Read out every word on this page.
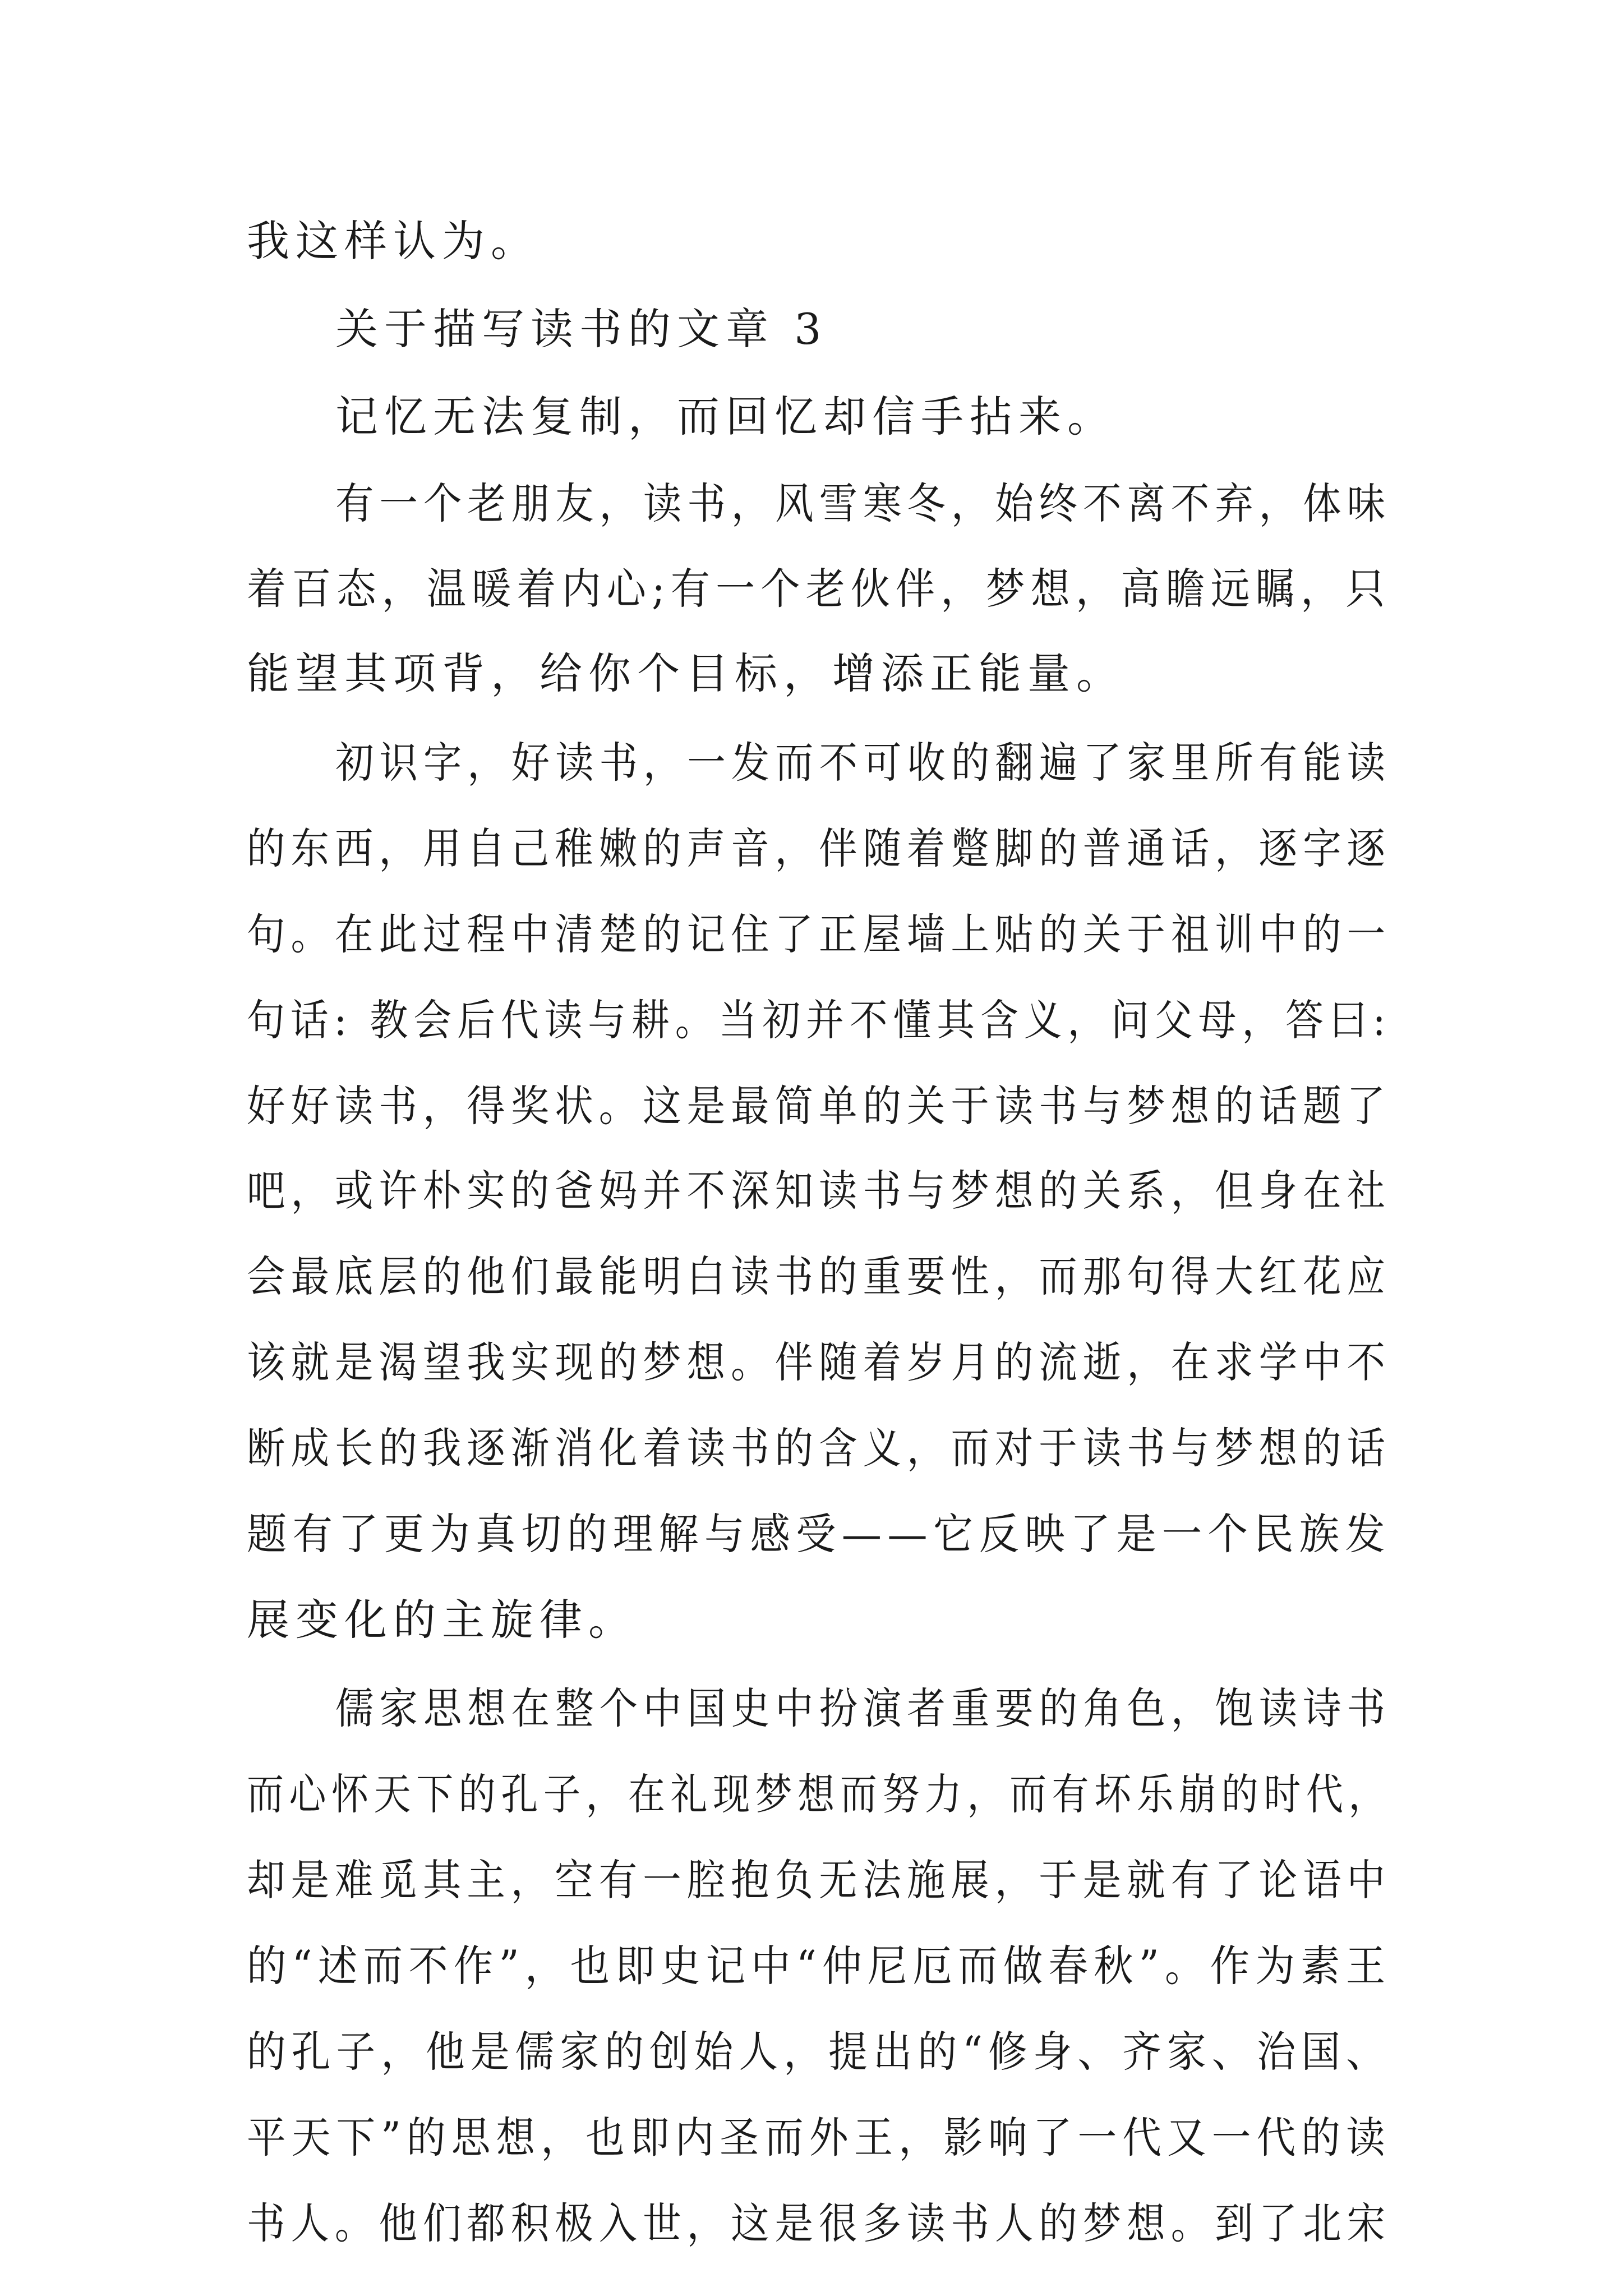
我这样认为。
关于描写读书的文章 3
记忆无法复制，而回忆却信手拈来。
有一个老朋友，读书，风雪寒冬，始终不离不弃，体味
着百态，温暖着内心;有一个老伙伴，梦想，高瞻远瞩，只
能望其项背，给你个目标，增添正能量。
初识字，好读书，一发而不可收的翻遍了家里所有能读
的东西，用自己稚嫩的声音，伴随着蹩脚的普通话，逐字逐
句。在此过程中清楚的记住了正屋墙上贴的关于祖训中的一
句话: 教会后代读与耕。当初并不懂其含义，问父母，答曰:
好好读书，得奖状。这是最简单的关于读书与梦想的话题了
吧，或许朴实的爸妈并不深知读书与梦想的关系，但身在社
会最底层的他们最能明白读书的重要性，而那句得大红花应
该就是渴望我实现的梦想。伴随着岁月的流逝，在求学中不
断成长的我逐渐消化着读书的含义，而对于读书与梦想的话
题有了更为真切的理解与感受——它反映了是一个民族发
展变化的主旋律。
儒家思想在整个中国史中扮演者重要的角色，饱读诗书
而心怀天下的孔子，在礼现梦想而努力，而有坏乐崩的时代，
却是难觅其主，空有一腔抱负无法施展，于是就有了论语中
的“述而不作”，也即史记中“仲尼厄而做春秋”。作为素王
的孔子，他是儒家的创始人，提出的“修身、齐家、治国、
平天下”的思想，也即内圣而外王，影响了一代又一代的读
书人。他们都积极入世，这是很多读书人的梦想。到了北宋
